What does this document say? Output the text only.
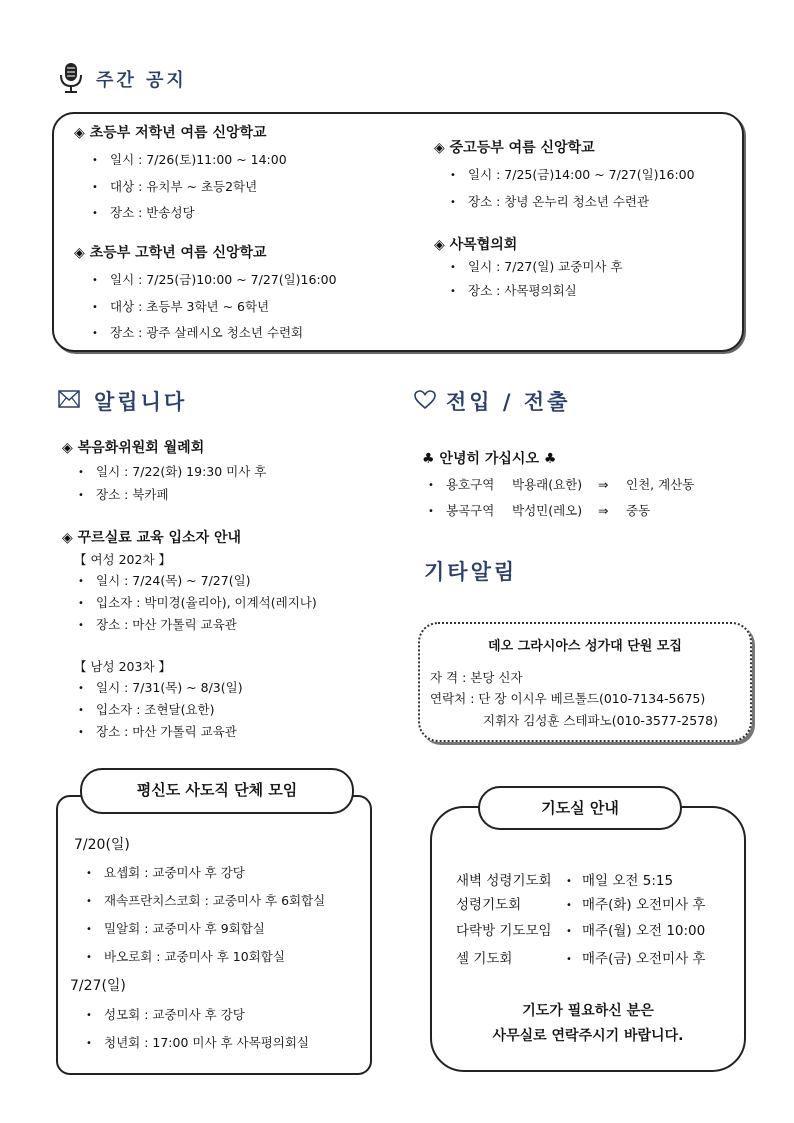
주간 공지
◈ 초등부 저학년 여름 신앙학교
• 일시 : 7/26(토)11:00 ~ 14:00
• 대상 : 유치부 ~ 초등2학년
• 장소 : 반송성당
◈ 초등부 고학년 여름 신앙학교
• 일시 : 7/25(금)10:00 ~ 7/27(일)16:00
• 대상 : 초등부 3학년 ~ 6학년
• 장소 : 광주 살레시오 청소년 수련회
◈ 중고등부 여름 신앙학교
• 일시 : 7/25(금)14:00 ~ 7/27(일)16:00
• 장소 : 창녕 온누리 청소년 수련관
◈ 사목협의회
• 일시 : 7/27(일) 교중미사 후
• 장소 : 사목평의회실
알립니다
◈ 복음화위원회 월례회
• 일시 : 7/22(화) 19:30 미사 후
• 장소 : 북카페
◈ 꾸르실료 교육 입소자 안내
【 여성 202차 】
• 일시 : 7/24(목) ~ 7/27(일)
• 입소자 : 박미경(율리아), 이계석(레지나)
• 장소 : 마산 가톨릭 교육관
【 남성 203차 】
• 일시 : 7/31(목) ~ 8/3(일)
• 입소자 : 조현달(요한)
• 장소 : 마산 가톨릭 교육관
전입 / 전출
♣ 안녕히 가십시오 ♣
• 용호구역 박용래(요한) ⇒ 인천, 계산동
• 봉곡구역 박성민(레오) ⇒ 중동
기타알림
데오 그라시아스 성가대 단원 모집
자 격 : 본당 신자
연락처 : 단 장 이시우 베르톨드(010-7134-5675)
지휘자 김성훈 스테파노(010-3577-2578)
평신도 사도직 단체 모임
7/20(일)
• 요셉회 : 교중미사 후 강당
• 재속프란치스코회 : 교중미사 후 6회합실
• 밀알회 : 교중미사 후 9회합실
• 바오로회 : 교중미사 후 10회합실
7/27(일)
• 성모회 : 교중미사 후 강당
• 청년회 : 17:00 미사 후 사목평의회실
기도실 안내
새벽 성령기도회 • 매일 오전 5:15
성령기도회	• 매주(화) 오전미사 후
다락방 기도모임 • 매주(월) 오전 10:00
셀 기도회	• 매주(금) 오전미사 후
기도가 필요하신 분은
사무실로 연락주시기 바랍니다.
